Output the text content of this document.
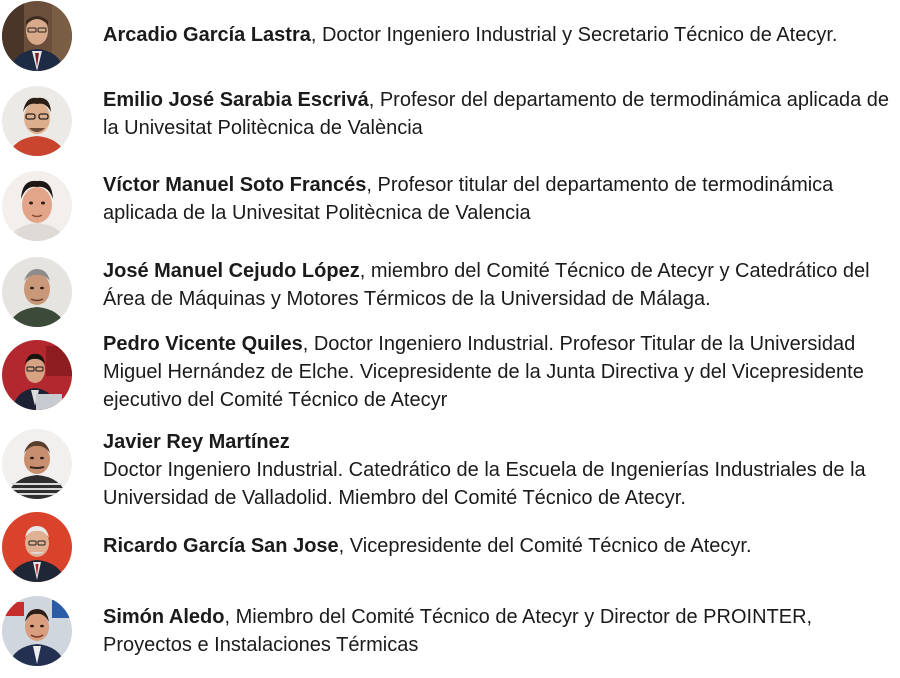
Arcadio García Lastra, Doctor Ingeniero Industrial y Secretario Técnico de Atecyr.

Emilio José Sarabia Escrivá, Profesor del departamento de termodinámica aplicada de la Univesitat Politècnica de València

Víctor Manuel Soto Francés, Profesor titular del departamento de termodinámica aplicada de la Univesitat Politècnica de Valencia

José Manuel Cejudo López, miembro del Comité Técnico de Atecyr y Catedrático del Área de Máquinas y Motores Térmicos de la Universidad de Málaga.

Pedro Vicente Quiles, Doctor Ingeniero Industrial. Profesor Titular de la Universidad Miguel Hernández de Elche. Vicepresidente de la Junta Directiva y del Vicepresidente ejecutivo del Comité Técnico de Atecyr

Javier Rey Martínez
Doctor Ingeniero Industrial. Catedrático de la Escuela de Ingenierías Industriales de la Universidad de Valladolid. Miembro del Comité Técnico de Atecyr.

Ricardo García San Jose, Vicepresidente del Comité Técnico de Atecyr.

Simón Aledo, Miembro del Comité Técnico de Atecyr y Director de PROINTER, Proyectos e Instalaciones Térmicas
